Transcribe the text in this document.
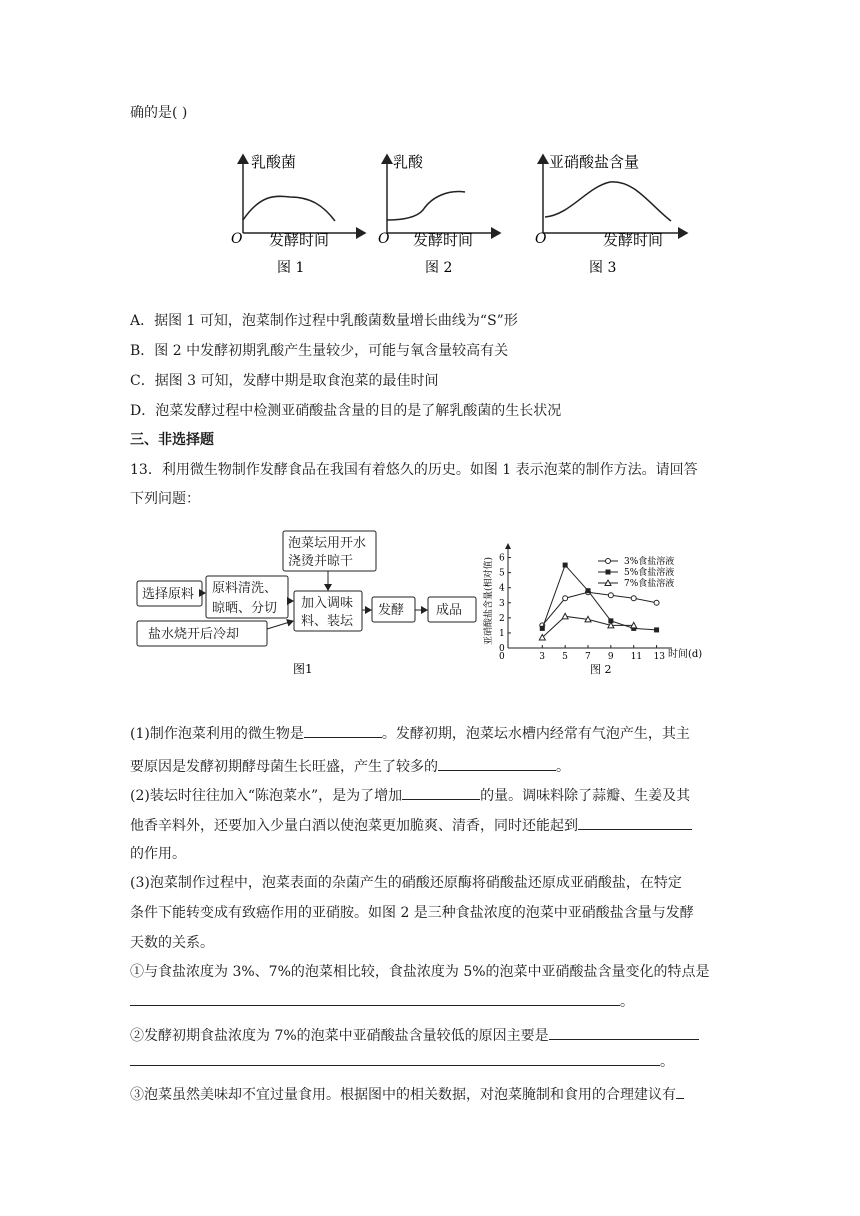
确的是( )
乳酸菌
O 发酵时间
图 1
乳酸
O 发酵时间
图 2
亚硝酸盐含量
O	发酵时间
图 3
A．据图 1 可知，泡菜制作过程中乳酸菌数量增长曲线为“S”形
B．图 2 中发酵初期乳酸产生量较少，可能与氧含量较高有关
C．据图 3 可知，发酵中期是取食泡菜的最佳时间
D．泡菜发酵过程中检测亚硝酸盐含量的目的是了解乳酸菌的生长状况
三、非选择题
13．利用微生物制作发酵食品在我国有着悠久的历史。如图 1 表示泡菜的制作方法。请回答
下列问题：
选择原料 原料清洗、
晾晒、分切
盐水烧开后冷却
泡菜坛用开水
浇烫并晾干
加入调味
料、装坛
发酵 成品
图1
0
1
2
3
4
5
6
0	3 5 7 9 11 13
3%食盐溶液
5%食盐溶液
7%食盐溶液
亚硝酸盐含量(相对值)
时间(d)
图 2
(1)制作泡菜利用的微生物是	。发酵初期，泡菜坛水槽内经常有气泡产生，其主
要原因是发酵初期酵母菌生长旺盛，产生了较多的	。
(2)装坛时往往加入“陈泡菜水”，是为了增加	的量。调味料除了蒜瓣、生姜及其
他香辛料外，还要加入少量白酒以使泡菜更加脆爽、清香，同时还能起到
的作用。
(3)泡菜制作过程中，泡菜表面的杂菌产生的硝酸还原酶将硝酸盐还原成亚硝酸盐，在特定
条件下能转变成有致癌作用的亚硝胺。如图 2 是三种食盐浓度的泡菜中亚硝酸盐含量与发酵
天数的关系。
①与食盐浓度为 3%、7%的泡菜相比较，食盐浓度为 5%的泡菜中亚硝酸盐含量变化的特点是
。
②发酵初期食盐浓度为 7%的泡菜中亚硝酸盐含量较低的原因主要是
。
③泡菜虽然美味却不宜过量食用。根据图中的相关数据，对泡菜腌制和食用的合理建议有
